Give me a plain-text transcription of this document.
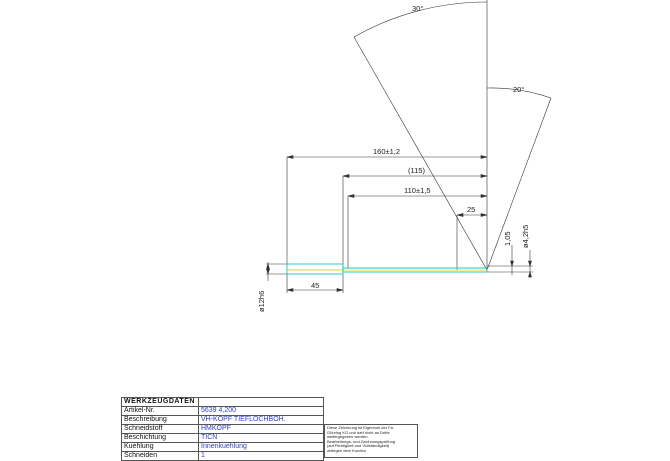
30°
20°
160±1,2
(115)
110±1,5
25
45
ø12h6
1,05 ø4,2h5
WERKZEUGDATEN	
Artikel-Nr.	5639 4,200
Beschreibung	VH-KOPF TIEFLOCHBOH.
Schneidstoff	HMKOPF
Beschichtung	TICN
Kuehlung	Innenkuehlung
Schneiden	1
Diese Zeichnung ist Eigentum der Fa.
Gühring KG und darf nicht an Dritte
weitergegeben werden.
Bearbeitungs- und Zeichnungsprüfung
(auf Richtigkeit und Vollständigkeit)
obliegen dem Kunden
